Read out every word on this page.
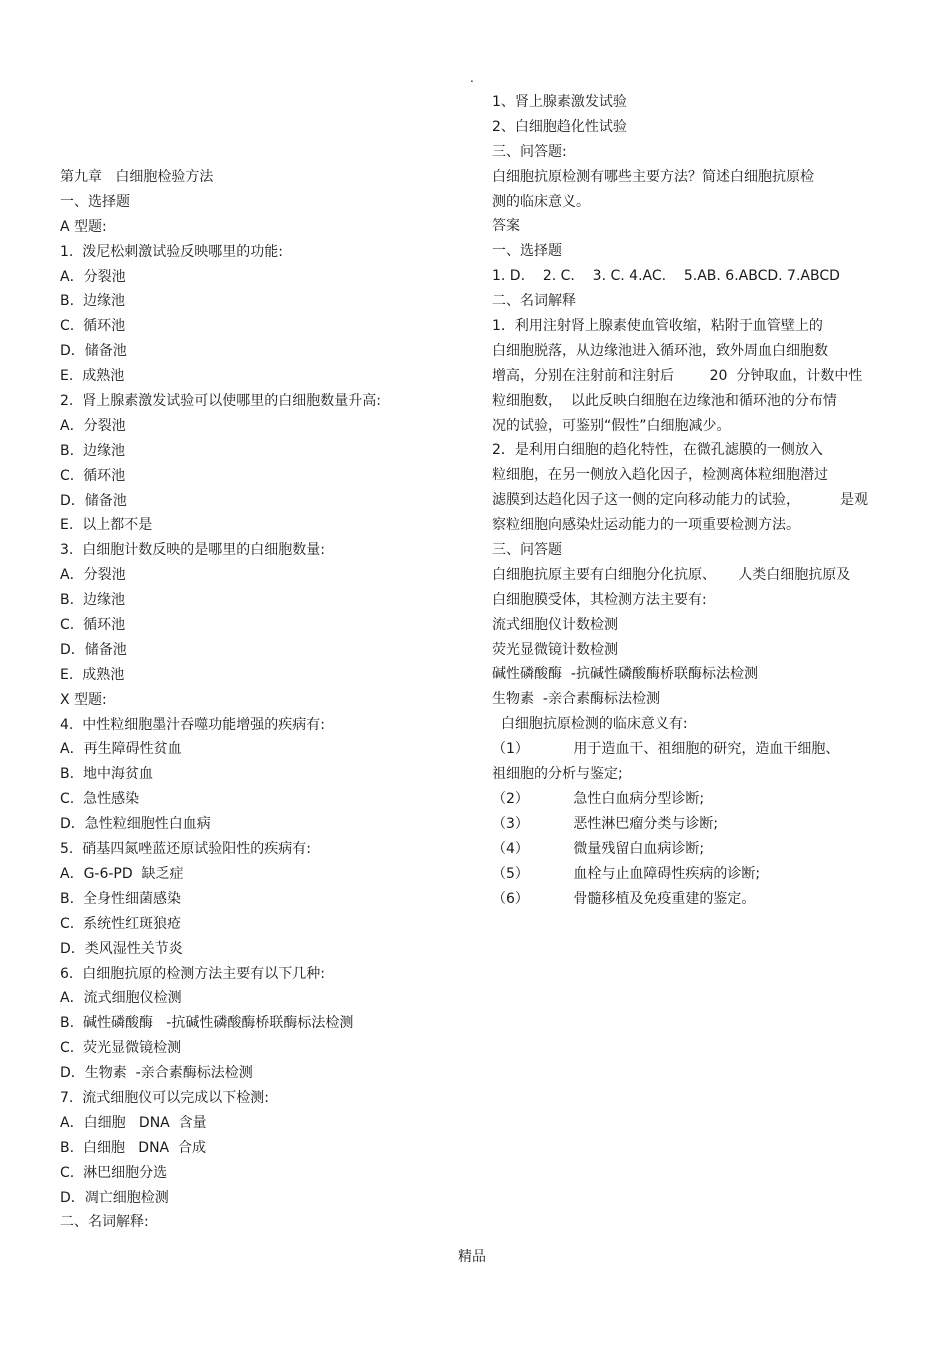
.
第九章   白细胞检验方法
一、选择题
A 型题:
1.  泼尼松刺激试验反映哪里的功能:
A．分裂池
B.  边缘池
C.  循环池
D．储备池
E.  成熟池
2.  肾上腺素激发试验可以使哪里的白细胞数量升高:
A．分裂池
B.  边缘池
C.  循环池
D．储备池
E.  以上都不是
3.  白细胞计数反映的是哪里的白细胞数量:
A．分裂池
B.  边缘池
C.  循环池
D．储备池
E.  成熟池
X 型题:
4.  中性粒细胞墨汁吞噬功能增强的疾病有:
A．再生障碍性贫血
B.  地中海贫血
C.  急性感染
D．急性粒细胞性白血病
5.  硝基四氮唑蓝还原试验阳性的疾病有:
A．G-6-PD  缺乏症
B.  全身性细菌感染
C.  系统性红斑狼疮
D．类风湿性关节炎
6.  白细胞抗原的检测方法主要有以下几种:
A．流式细胞仪检测
B.  碱性磷酸酶   -抗碱性磷酸酶桥联酶标法检测
C.  荧光显微镜检测
D．生物素  -亲合素酶标法检测
7.  流式细胞仪可以完成以下检测:
A．白细胞   DNA  含量
B.  白细胞   DNA  合成
C.  淋巴细胞分选
D．凋亡细胞检测
二、名词解释:
1、肾上腺素激发试验
2、白细胞趋化性试验
三、问答题:
白细胞抗原检测有哪些主要方法？简述白细胞抗原检
测的临床意义。
答案
一、选择题
1. D.    2. C.    3. C. 4.AC.    5.AB. 6.ABCD. 7.ABCD
二、名词解释
1．利用注射肾上腺素使血管收缩，粘附于血管壁上的
白细胞脱落，从边缘池进入循环池，致外周血白细胞数
增高，分别在注射前和注射后        20  分钟取血，计数中性
粒细胞数，  以此反映白细胞在边缘池和循环池的分布情
况的试验，可鉴别“假性”白细胞减少。
2．是利用白细胞的趋化特性，在微孔滤膜的一侧放入
粒细胞，在另一侧放入趋化因子，检测离体粒细胞潜过
滤膜到达趋化因子这一侧的定向移动能力的试验，         是观
察粒细胞向感染灶运动能力的一项重要检测方法。
三、问答题
白细胞抗原主要有白细胞分化抗原、     人类白细胞抗原及
白细胞膜受体，其检测方法主要有:
流式细胞仪计数检测
荧光显微镜计数检测
碱性磷酸酶  -抗碱性磷酸酶桥联酶标法检测
生物素  -亲合素酶标法检测
白细胞抗原检测的临床意义有:
（1）          用于造血干、祖细胞的研究，造血干细胞、
祖细胞的分析与鉴定;
（2）          急性白血病分型诊断;
（3）          恶性淋巴瘤分类与诊断;
（4）          微量残留白血病诊断;
（5）          血栓与止血障碍性疾病的诊断;
（6）          骨髓移植及免疫重建的鉴定。
精品
